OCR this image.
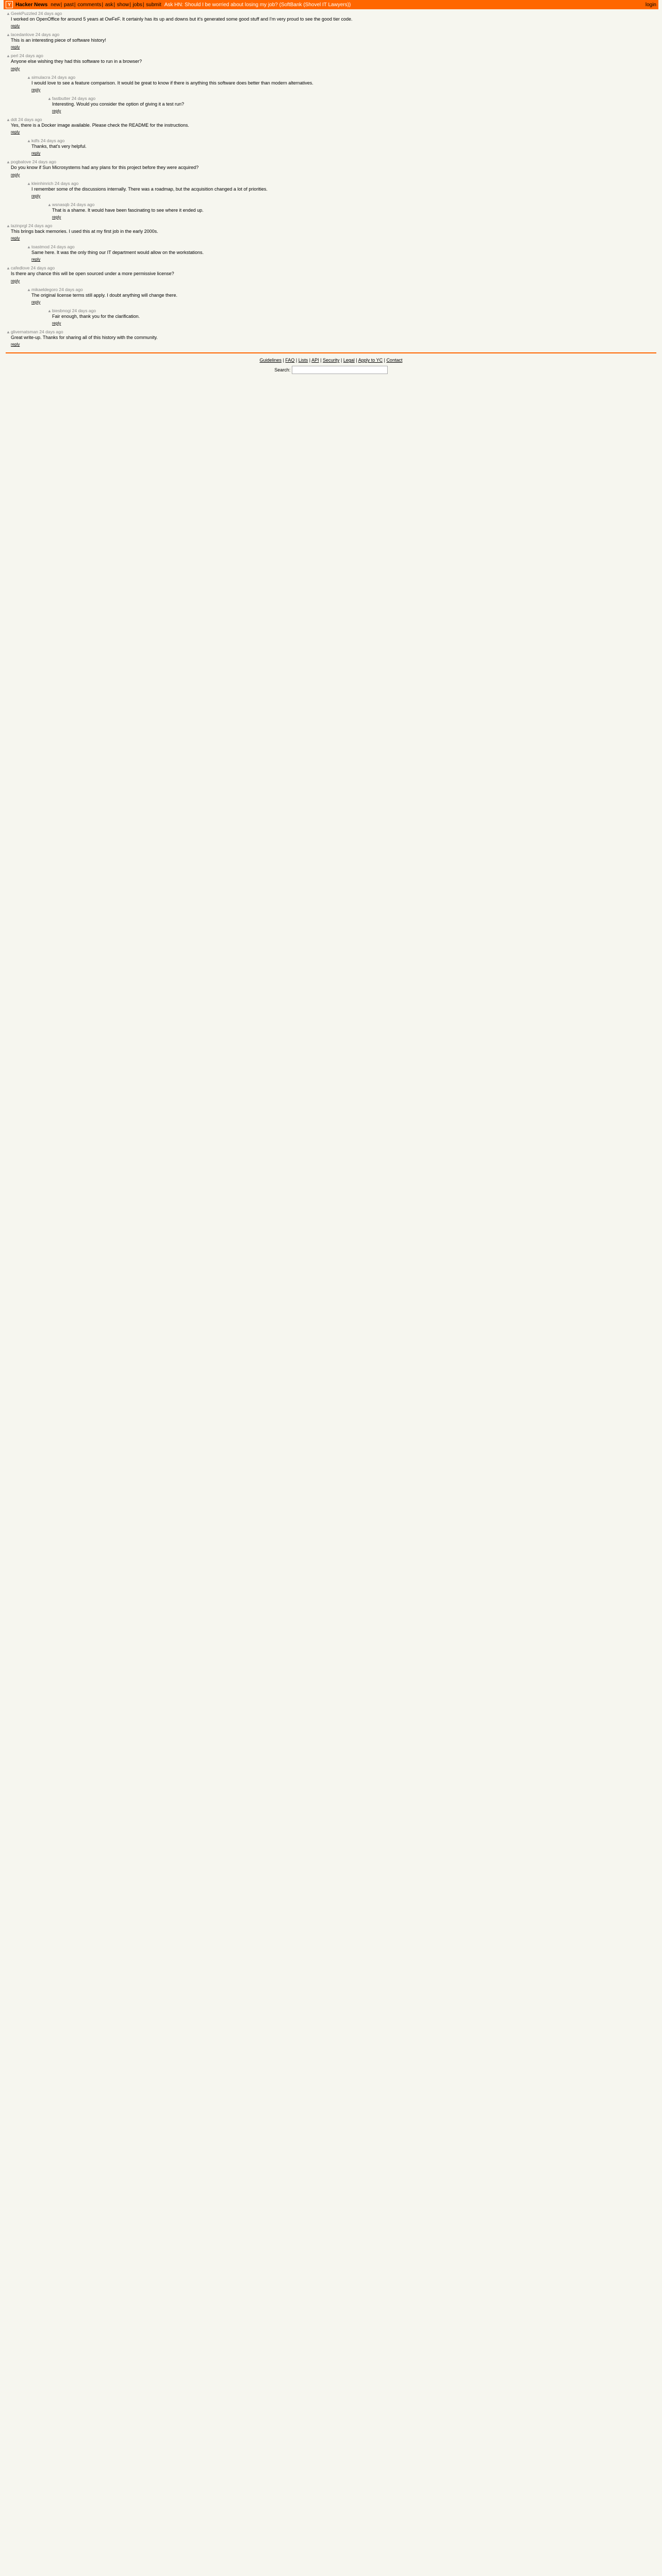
Y Hacker News new| past| comments| ask| show| jobs| submit Ask HN: Should I be worried about losing my job? (SoftBank (Shovel IT Lawyers))	login
▲ GeekPuzzled 24 days ago
I worked on OpenOffice for around 5 years at OwFeF. It certainly has its up and downs but it's generated some good stuff and I'm very proud to see the good tier code.
reply
▲ lacedanlove 24 days ago
This is an interesting piece of software history!
reply
▲ perl 24 days ago
Anyone else wishing they had this software to run in a browser?
reply
▲ simulacra 24 days ago
I would love to see a feature comparison. It would be great to know if there is anything this software does better than modern alternatives.
reply
▲ fastbutter 24 days ago
Interesting. Would you consider the option of giving it a test run?
reply
▲ ddt 24 days ago
Yes, there is a Docker image available. Please check the README for the instructions.
reply
▲ kdfs 24 days ago
Thanks, that's very helpful.
reply
▲ pogbalove 24 days ago
Do you know if Sun Microsystems had any plans for this project before they were acquired?
reply
▲ kleinhinrich 24 days ago
I remember some of the discussions internally. There was a roadmap, but the acquisition changed a lot of priorities.
reply
▲ wsnasqb 24 days ago
That is a shame. It would have been fascinating to see where it ended up.
reply
▲ lazinprgl 24 days ago
This brings back memories. I used this at my first job in the early 2000s.
reply
▲ toastmod 24 days ago
Same here. It was the only thing our IT department would allow on the workstations.
reply
▲ cafedlove 24 days ago
Is there any chance this will be open sourced under a more permissive license?
reply
▲ mikaeldegoro 24 days ago
The original license terms still apply. I doubt anything will change there.
reply
▲ biesbnogi 24 days ago
Fair enough, thank you for the clarification.
reply
▲ glivernatsman 24 days ago
Great write-up. Thanks for sharing all of this history with the community.
reply
Guidelines | FAQ | Lists | API | Security | Legal | Apply to YC | Contact
Search:
